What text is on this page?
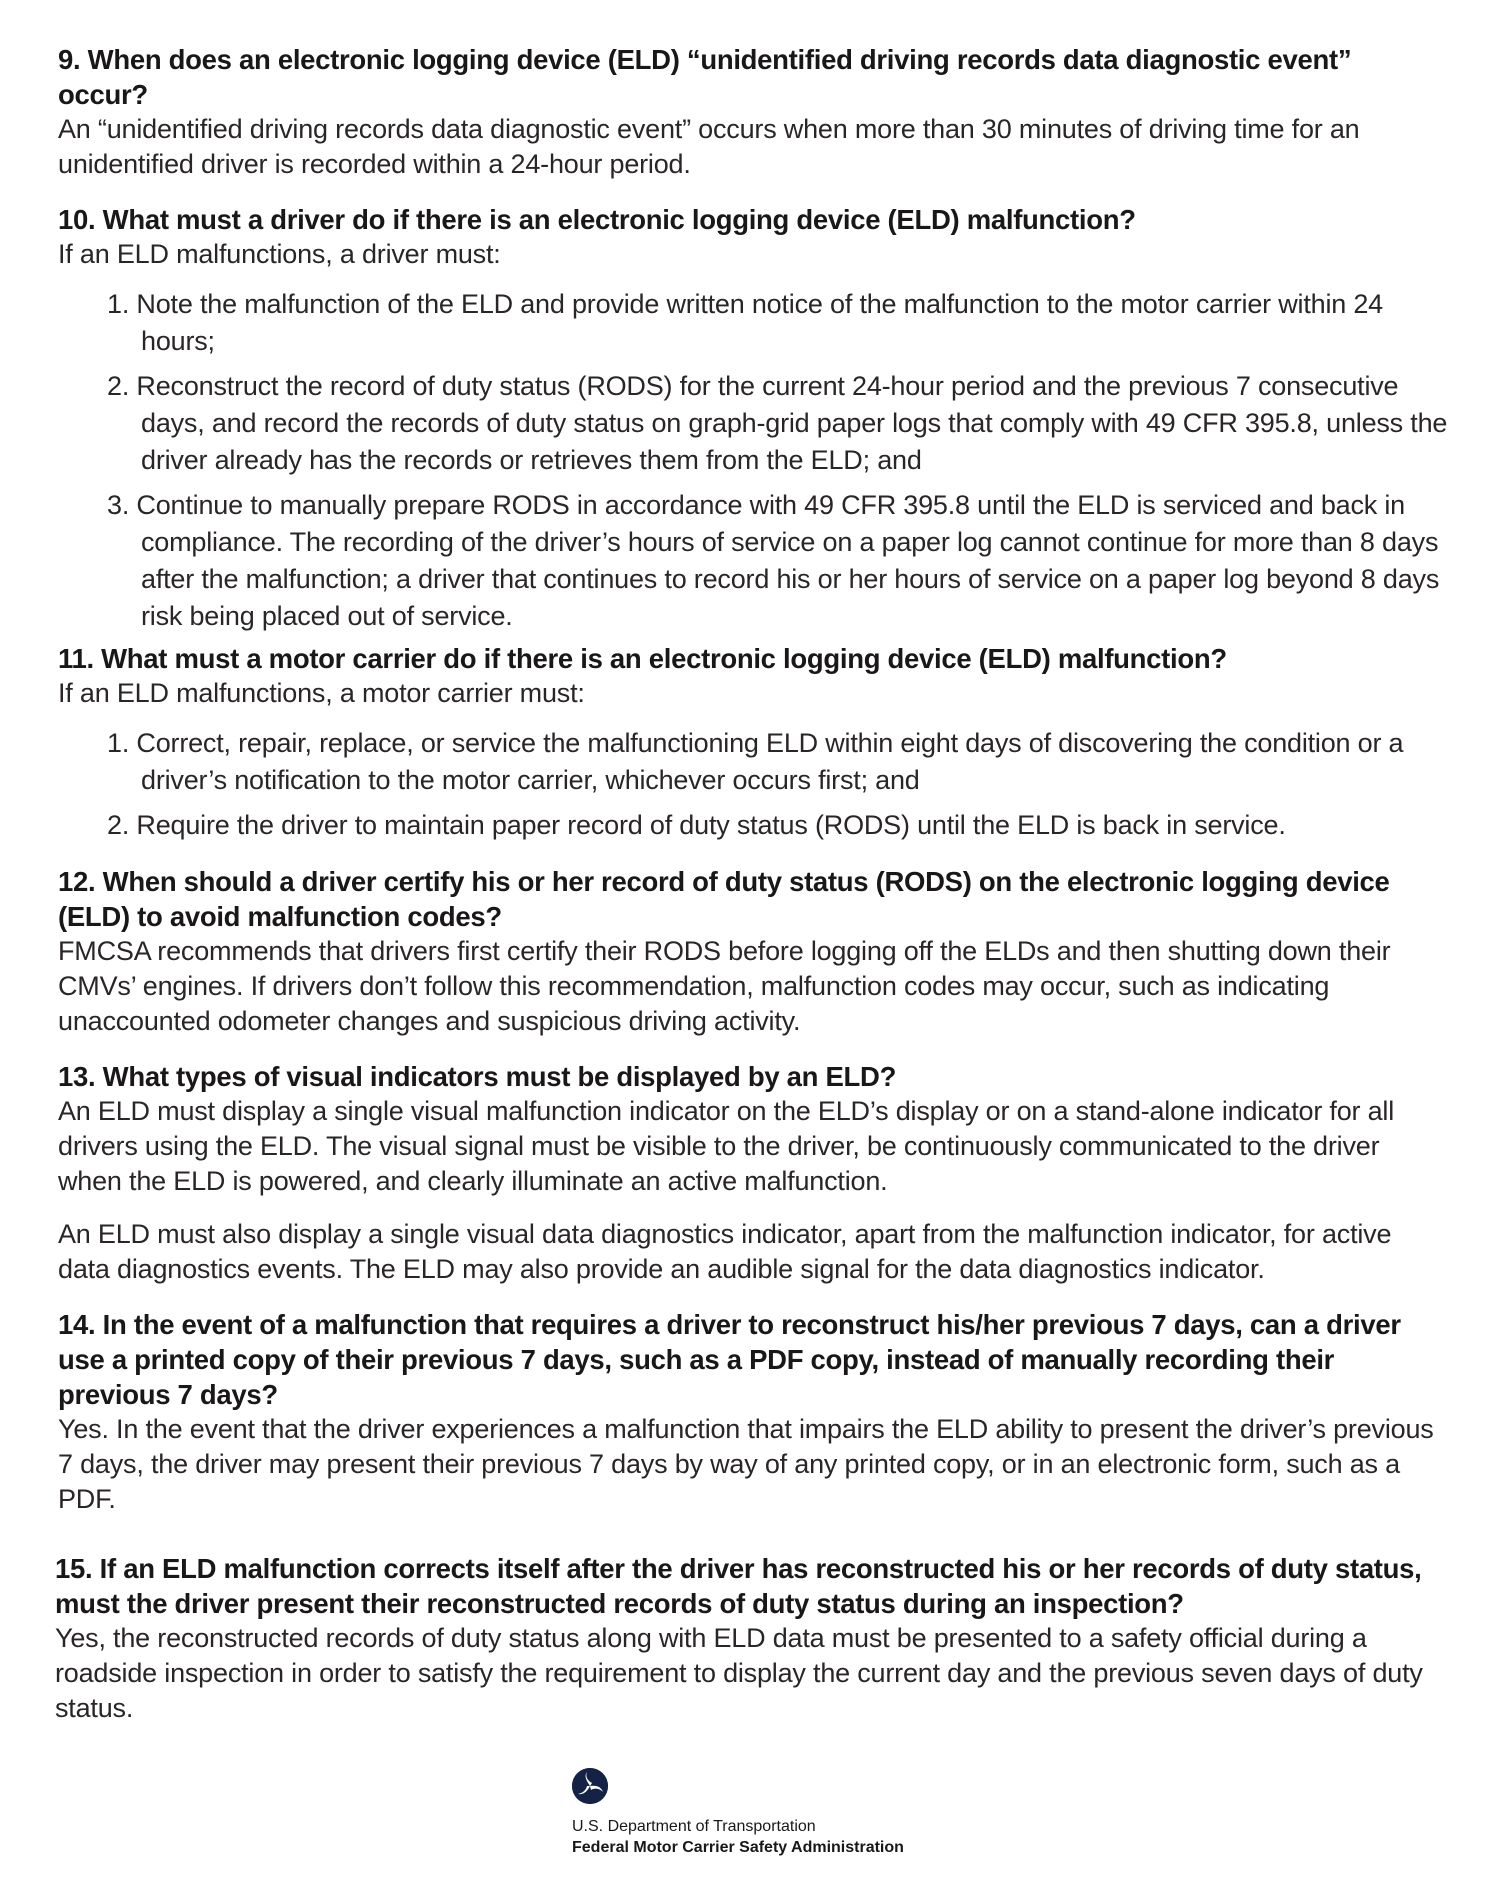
9. When does an electronic logging device (ELD) “unidentified driving records data diagnostic event” occur?

An “unidentified driving records data diagnostic event” occurs when more than 30 minutes of driving time for an unidentified driver is recorded within a 24-hour period.

10. What must a driver do if there is an electronic logging device (ELD) malfunction?

If an ELD malfunctions, a driver must:

1. Note the malfunction of the ELD and provide written notice of the malfunction to the motor carrier within 24 hours;
2. Reconstruct the record of duty status (RODS) for the current 24-hour period and the previous 7 consecutive days, and record the records of duty status on graph-grid paper logs that comply with 49 CFR 395.8, unless the driver already has the records or retrieves them from the ELD; and
3. Continue to manually prepare RODS in accordance with 49 CFR 395.8 until the ELD is serviced and back in compliance. The recording of the driver’s hours of service on a paper log cannot continue for more than 8 days after the malfunction; a driver that continues to record his or her hours of service on a paper log beyond 8 days risk being placed out of service.

11. What must a motor carrier do if there is an electronic logging device (ELD) malfunction?

If an ELD malfunctions, a motor carrier must:

1. Correct, repair, replace, or service the malfunctioning ELD within eight days of discovering the condition or a driver’s notification to the motor carrier, whichever occurs first; and
2. Require the driver to maintain paper record of duty status (RODS) until the ELD is back in service.

12. When should a driver certify his or her record of duty status (RODS) on the electronic logging device (ELD) to avoid malfunction codes?

FMCSA recommends that drivers first certify their RODS before logging off the ELDs and then shutting down their CMVs’ engines. If drivers don’t follow this recommendation, malfunction codes may occur, such as indicating unaccounted odometer changes and suspicious driving activity.

13. What types of visual indicators must be displayed by an ELD?

An ELD must display a single visual malfunction indicator on the ELD’s display or on a stand-alone indicator for all drivers using the ELD. The visual signal must be visible to the driver, be continuously communicated to the driver when the ELD is powered, and clearly illuminate an active malfunction.

An ELD must also display a single visual data diagnostics indicator, apart from the malfunction indicator, for active data diagnostics events. The ELD may also provide an audible signal for the data diagnostics indicator.

14. In the event of a malfunction that requires a driver to reconstruct his/her previous 7 days, can a driver use a printed copy of their previous 7 days, such as a PDF copy, instead of manually recording their previous 7 days?

Yes. In the event that the driver experiences a malfunction that impairs the ELD ability to present the driver’s previous 7 days, the driver may present their previous 7 days by way of any printed copy, or in an electronic form, such as a PDF.

15. If an ELD malfunction corrects itself after the driver has reconstructed his or her records of duty status, must the driver present their reconstructed records of duty status during an inspection?

Yes, the reconstructed records of duty status along with ELD data must be presented to a safety official during a roadside inspection in order to satisfy the requirement to display the current day and the previous seven days of duty status.

U.S. Department of Transportation
Federal Motor Carrier Safety Administration
